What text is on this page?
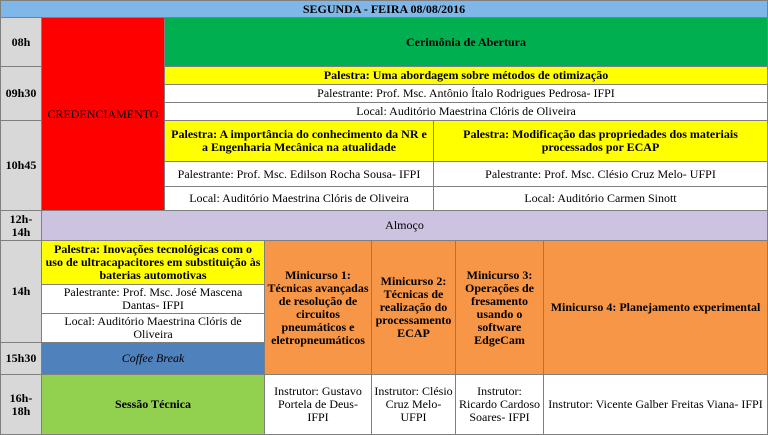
SEGUNDA - FEIRA 08/08/2016
08h
09h30
10h45
12h-
14h
14h
15h30
16h-
18h
CREDENCIAMENTO
Cerimônia de Abertura
Palestra: Uma abordagem sobre métodos de otimização
Palestrante: Prof. Msc. Antônio Ítalo Rodrigues Pedrosa- IFPI
Local: Auditório Maestrina Clóris de Oliveira
Palestra: A importância do conhecimento da NR e a Engenharia Mecânica na atualidade
Palestrante: Prof. Msc. Edilson Rocha Sousa- IFPI
Local: Auditório Maestrina Clóris de Oliveira
Palestra: Modificação das propriedades dos materiais processados por ECAP
Palestrante: Prof. Msc. Clésio Cruz Melo- UFPI
Local: Auditório Carmen Sinott
Almoço
Palestra: Inovações tecnológicas com o uso de ultracapacitores em substituição às baterias automotivas
Palestrante: Prof. Msc. José Mascena Dantas- IFPI
Local: Auditório Maestrina Clóris de Oliveira
Coffee Break
Sessão Técnica
Minicurso 1: Técnicas avançadas de resolução de circuitos pneumáticos e eletropneumáticos
Instrutor: Gustavo Portela de Deus- IFPI
Minicurso 2: Técnicas de realização do processamento ECAP
Instrutor: Clésio Cruz Melo- UFPI
Minicurso 3: Operações de fresamento usando o software EdgeCam
Instrutor: Ricardo Cardoso Soares- IFPI
Minicurso 4: Planejamento experimental
Instrutor: Vicente Galber Freitas Viana- IFPI
